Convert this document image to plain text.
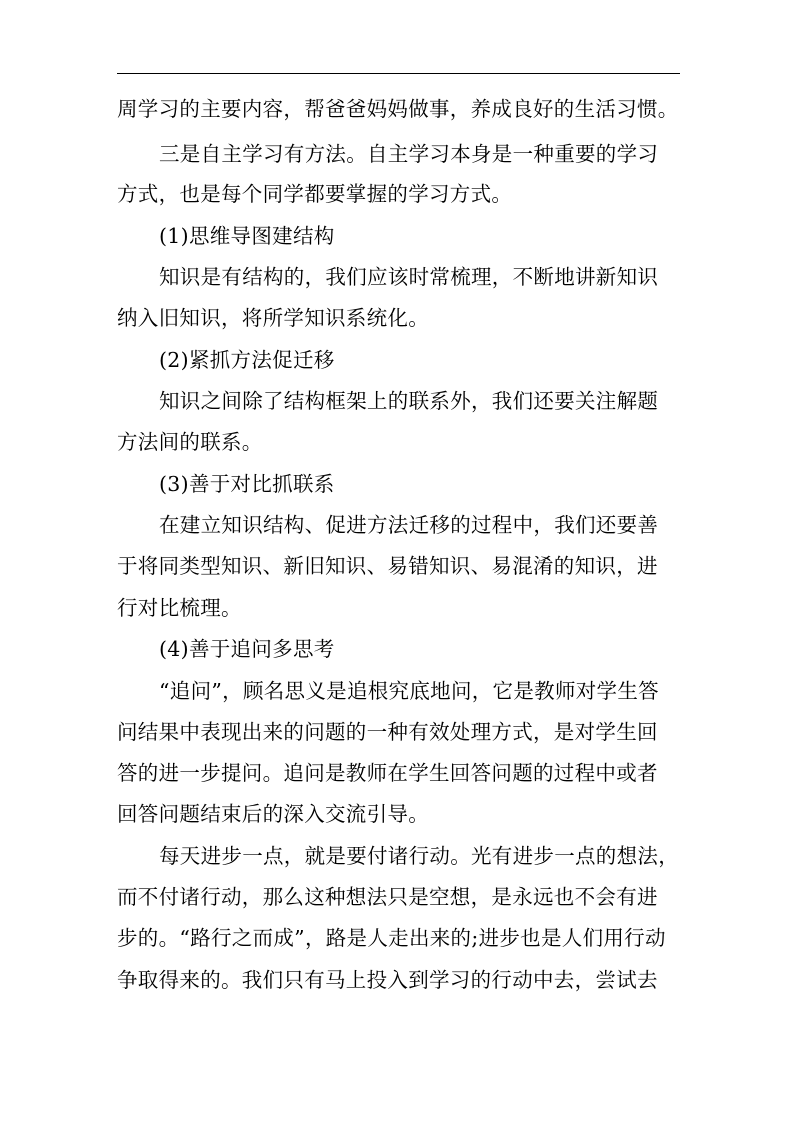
周学习的主要内容，帮爸爸妈妈做事，养成良好的生活习惯。
三是自主学习有方法。自主学习本身是一种重要的学习
方式，也是每个同学都要掌握的学习方式。
(1)思维导图建结构
知识是有结构的，我们应该时常梳理，不断地讲新知识
纳入旧知识，将所学知识系统化。
(2)紧抓方法促迁移
知识之间除了结构框架上的联系外，我们还要关注解题
方法间的联系。
(3)善于对比抓联系
在建立知识结构、促进方法迁移的过程中，我们还要善
于将同类型知识、新旧知识、易错知识、易混淆的知识，进
行对比梳理。
(4)善于追问多思考
“追问”，顾名思义是追根究底地问，它是教师对学生答
问结果中表现出来的问题的一种有效处理方式，是对学生回
答的进一步提问。追问是教师在学生回答问题的过程中或者
回答问题结束后的深入交流引导。
每天进步一点，就是要付诸行动。光有进步一点的想法，
而不付诸行动，那么这种想法只是空想，是永远也不会有进
步的。“路行之而成”，路是人走出来的;进步也是人们用行动
争取得来的。我们只有马上投入到学习的行动中去，尝试去
